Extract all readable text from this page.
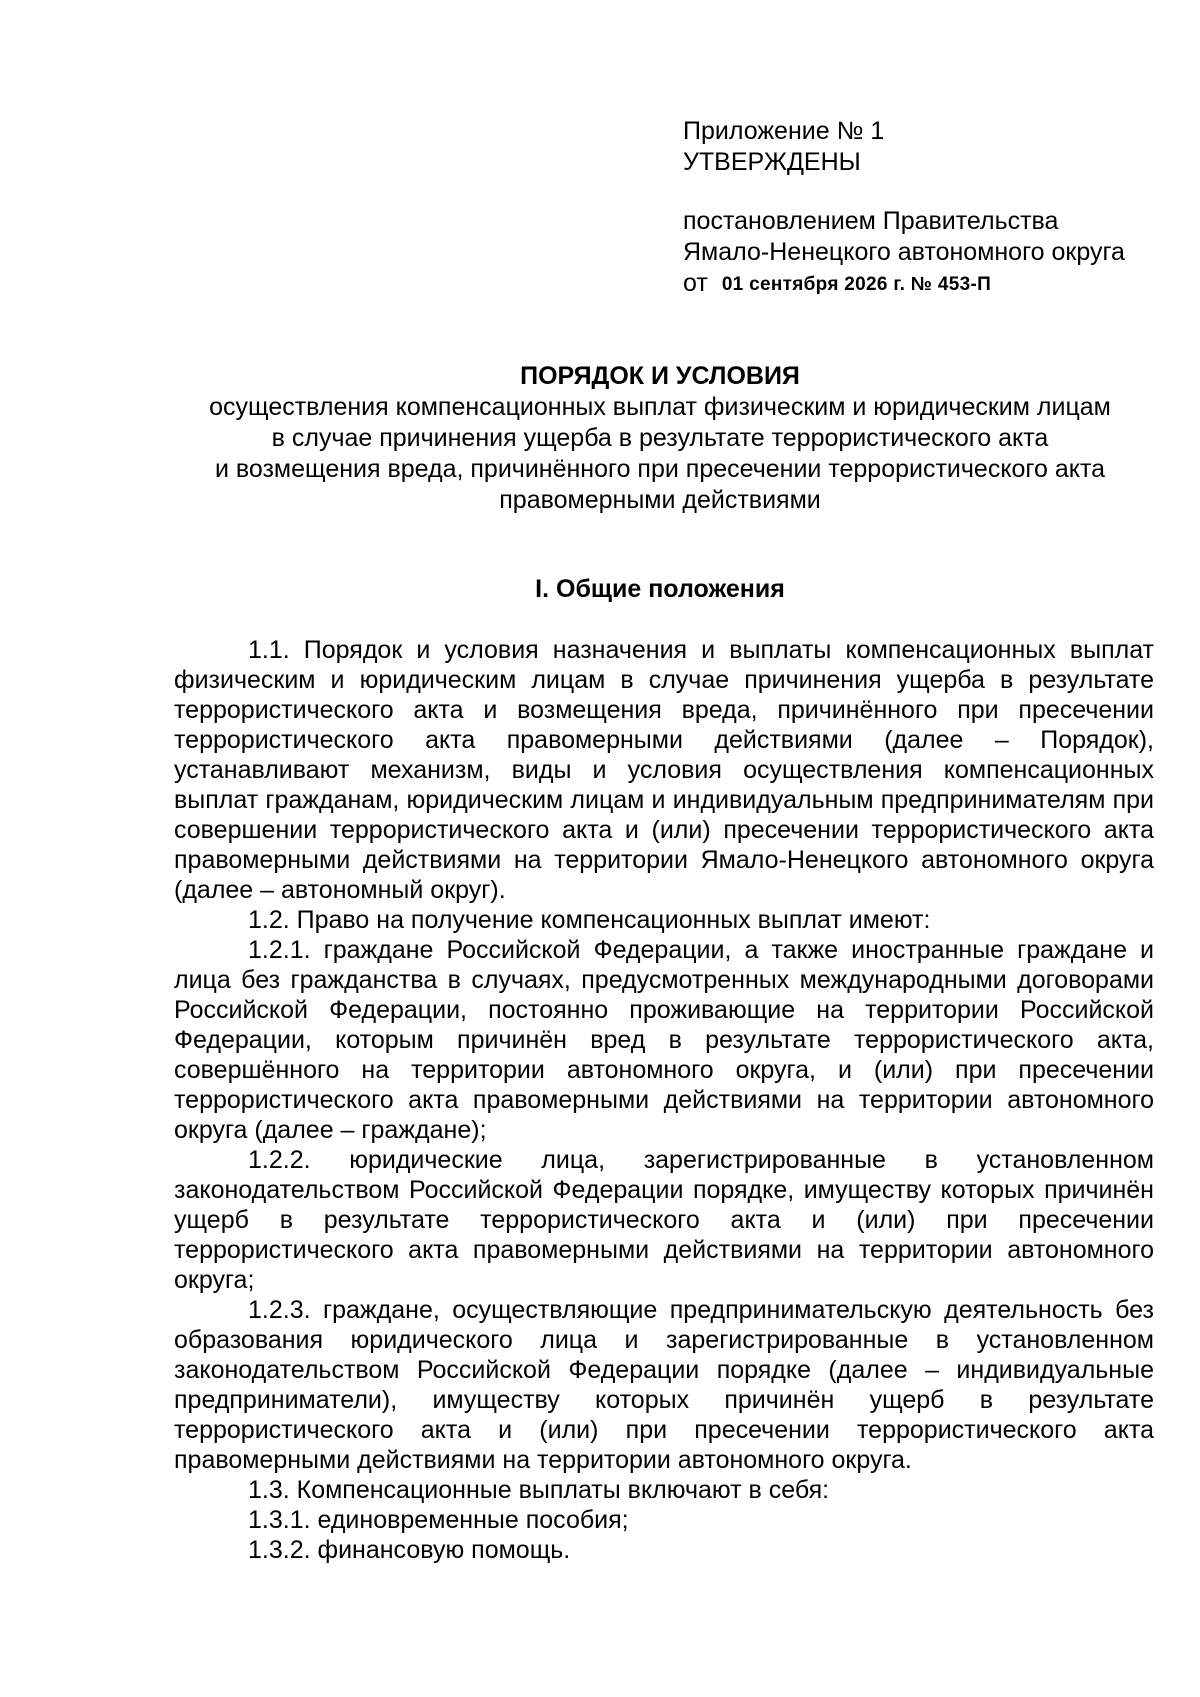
Приложение № 1
УТВЕРЖДЕНЫ
постановлением Правительства
Ямало-Ненецкого автономного округа
от 01 сентября 2026 г. № 453-П
ПОРЯДОК И УСЛОВИЯ
осуществления компенсационных выплат физическим и юридическим лицам
в случае причинения ущерба в результате террористического акта
и возмещения вреда, причинённого при пресечении террористического акта
правомерными действиями
I. Общие положения

1.1. Порядок и условия назначения и выплаты компенсационных выплат физическим и юридическим лицам в случае причинения ущерба в результате террористического акта и возмещения вреда, причинённого при пресечении террористического акта правомерными действиями (далее – Порядок), устанавливают механизм, виды и условия осуществления компенсационных выплат гражданам, юридическим лицам и индивидуальным предпринимателям при совершении террористического акта и (или) пресечении террористического акта правомерными действиями на территории Ямало-Ненецкого автономного округа (далее – автономный округ).

1.2. Право на получение компенсационных выплат имеют:

1.2.1. граждане Российской Федерации, а также иностранные граждане и лица без гражданства в случаях, предусмотренных международными договорами Российской Федерации, постоянно проживающие на территории Российской Федерации, которым причинён вред в результате террористического акта, совершённого на территории автономного округа, и (или) при пресечении террористического акта правомерными действиями на территории автономного округа (далее – граждане);

1.2.2. юридические лица, зарегистрированные в установленном законодательством Российской Федерации порядке, имуществу которых причинён ущерб в результате террористического акта и (или) при пресечении террористического акта правомерными действиями на территории автономного округа;

1.2.3. граждане, осуществляющие предпринимательскую деятельность без образования юридического лица и зарегистрированные в установленном законодательством Российской Федерации порядке (далее – индивидуальные предприниматели), имуществу которых причинён ущерб в результате террористического акта и (или) при пресечении террористического акта правомерными действиями на территории автономного округа.

1.3. Компенсационные выплаты включают в себя:

1.3.1. единовременные пособия;

1.3.2. финансовую помощь.
